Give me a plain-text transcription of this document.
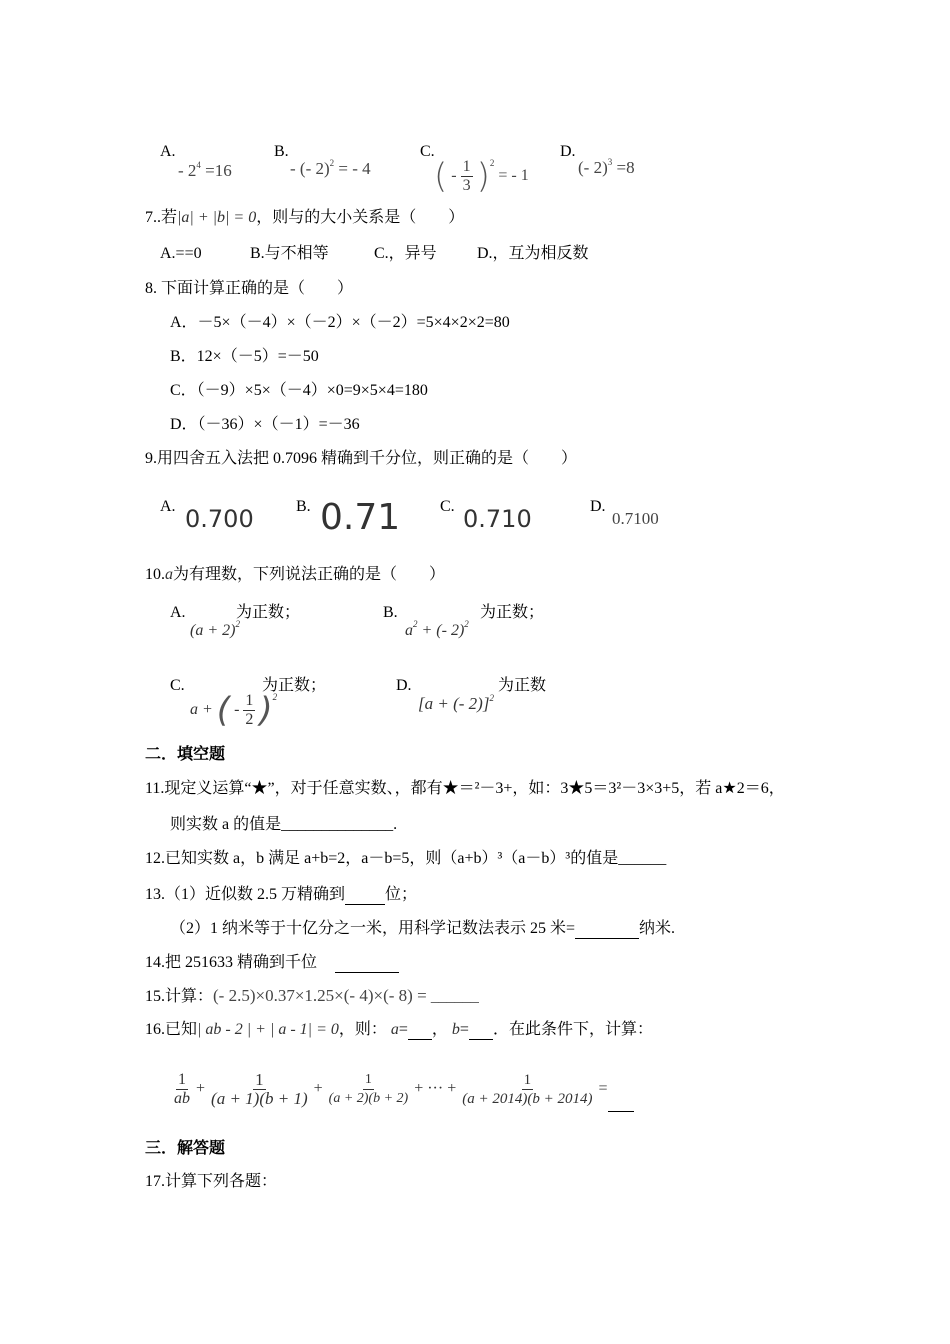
A.
- $2^4 =16$
B.
- (- 2)$^2$ = - 4
C.
( - $\frac{1}{3} )^2$ = - 1
D.
(- 2)$^3$ =8
7..若|a| + |b| = 0，则与的大小关系是（　　）
A.==0	B.与不相等	C.，异号	D.，互为相反数
8. 下面计算正确的是（　　）
A．－5×（－4）×（－2）×（－2）=5×4×2×2=80
B．12×（－5）=－50
C．（－9）×5×（－4）×0=9×5×4=180
D．（－36）×（－1）=－36
9.用四舍五入法把 0.7096 精确到千分位，则正确的是（　　）
A. 0.700	B. 0.71 C. 0.710	D.
0.7100
10.a为有理数，下列说法正确的是（　　）
A.
$(a + 2)^2$
为正数；	B.
$a^2$ + (- 2)$^2$
为正数；
C.
a + ( - $\frac{1}{2} )^2$
为正数；	D.
[a + (- 2)]$^2$
为正数
二．填空题
11.现定义运算“★”，对于任意实数、，都有★＝²－3+，如：3★5＝3²－3×3+5，若 a★2＝6，
则实数 a 的值是______________.
12.已知实数 a，b 满足 a+b=2，a－b=5，则（a+b）³（a－b）³的值是______
13.（1）近似数 2.5 万精确到	位；
（2）1 纳米等于十亿分之一米，用科学记数法表示 25 米=	纳米.
14.把 251633 精确到千位
15.计算：(- 2.5)×0.37×1.25×(- 4)×(- 8) = ______
16.已知| ab - 2 | + | a - 1| = 0，则： a= ， b= ．在此条件下，计算：
$\frac{1}{ab} + \frac{1}{(a + 1)(b + 1)} + \frac{1}{(a + 2)(b + 2)}$ + ··· + $\frac{1}{(a + 2014)(b + 2014)}$ =
三．解答题
17.计算下列各题：
